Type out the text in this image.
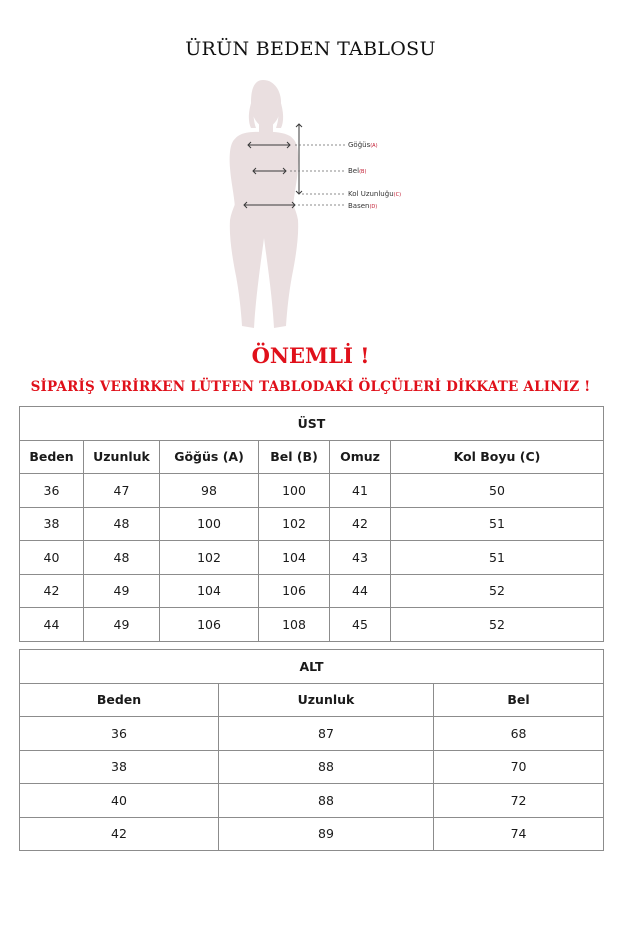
ÜRÜN BEDEN TABLOSU
Göğüs(A)
Bel(B)
Kol Uzunluğu(C)
Basen(D)
ÖNEMLİ !
SİPARİŞ VERİRKEN LÜTFEN TABLODAKİ ÖLÇÜLERİ DİKKATE ALINIZ !
ÜST					
Beden	Uzunluk	Göğüs (A)	Bel (B)	Omuz	Kol Boyu (C)
36	47	98	100	41	50
38	48	100	102	42	51
40	48	102	104	43	51
42	49	104	106	44	52
44	49	106	108	45	52
ALT		
Beden	Uzunluk	Bel
36	87	68
38	88	70
40	88	72
42	89	74
